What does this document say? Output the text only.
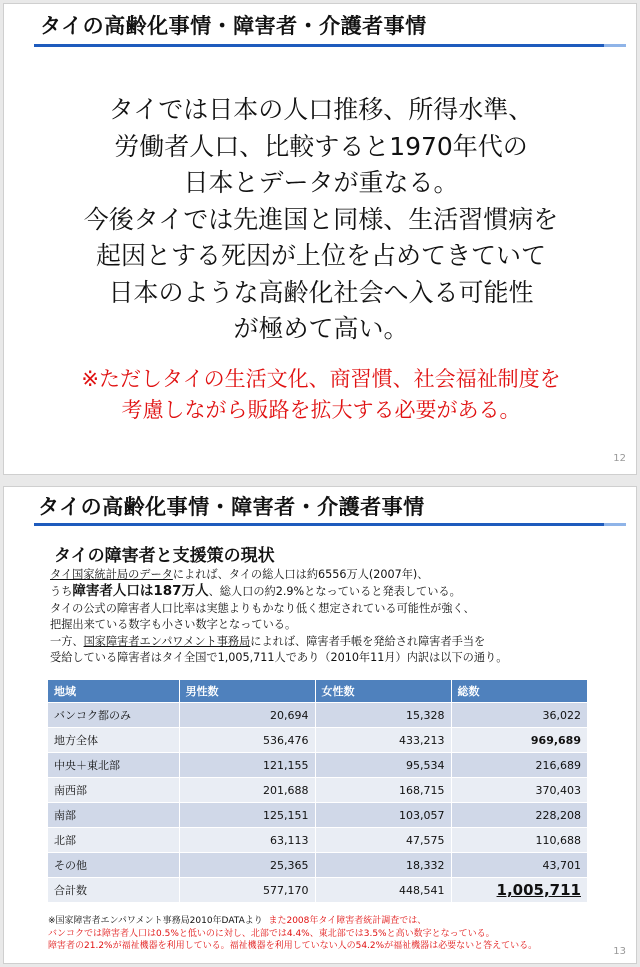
タイの高齢化事情・障害者・介護者事情
タイでは日本の人口推移、所得水準、
労働者人口、比較すると1970年代の
日本とデータが重なる。
今後タイでは先進国と同様、生活習慣病を
起因とする死因が上位を占めてきていて
日本のような高齢化社会へ入る可能性
が極めて高い。
※ただしタイの生活文化、商習慣、社会福祉制度を
考慮しながら販路を拡大する必要がある。
12
タイの高齢化事情・障害者・介護者事情
タイの障害者と支援策の現状
タイ国家統計局のデータによれば、タイの総人口は約6556万人(2007年)、
うち障害者人口は187万人、総人口の約2.9%となっていると発表している。
タイの公式の障害者人口比率は実態よりもかなり低く想定されている可能性が強く、
把握出来ている数字も小さい数字となっている。
一方、国家障害者エンパワメント事務局によれば、障害者手帳を発給され障害者手当を
受給している障害者はタイ全国で1,005,711人であり（2010年11月）内訳は以下の通り。
地域	男性数	女性数	総数
バンコク都のみ	20,694	15,328	36,022
地方全体	536,476	433,213	969,689
中央＋東北部	121,155	95,534	216,689
南西部	201,688	168,715	370,403
南部	125,151	103,057	228,208
北部	63,113	47,575	110,688
その他	25,365	18,332	43,701
合計数	577,170	448,541	1,005,711
※国家障害者エンパワメント事務局2010年DATAより また2008年タイ障害者統計調査では、
バンコクでは障害者人口は0.5%と低いのに対し、北部では4.4%、東北部では3.5%と高い数字となっている。
障害者の21.2%が福祉機器を利用している。福祉機器を利用していない人の54.2%が福祉機器は必要ないと答えている。	13
